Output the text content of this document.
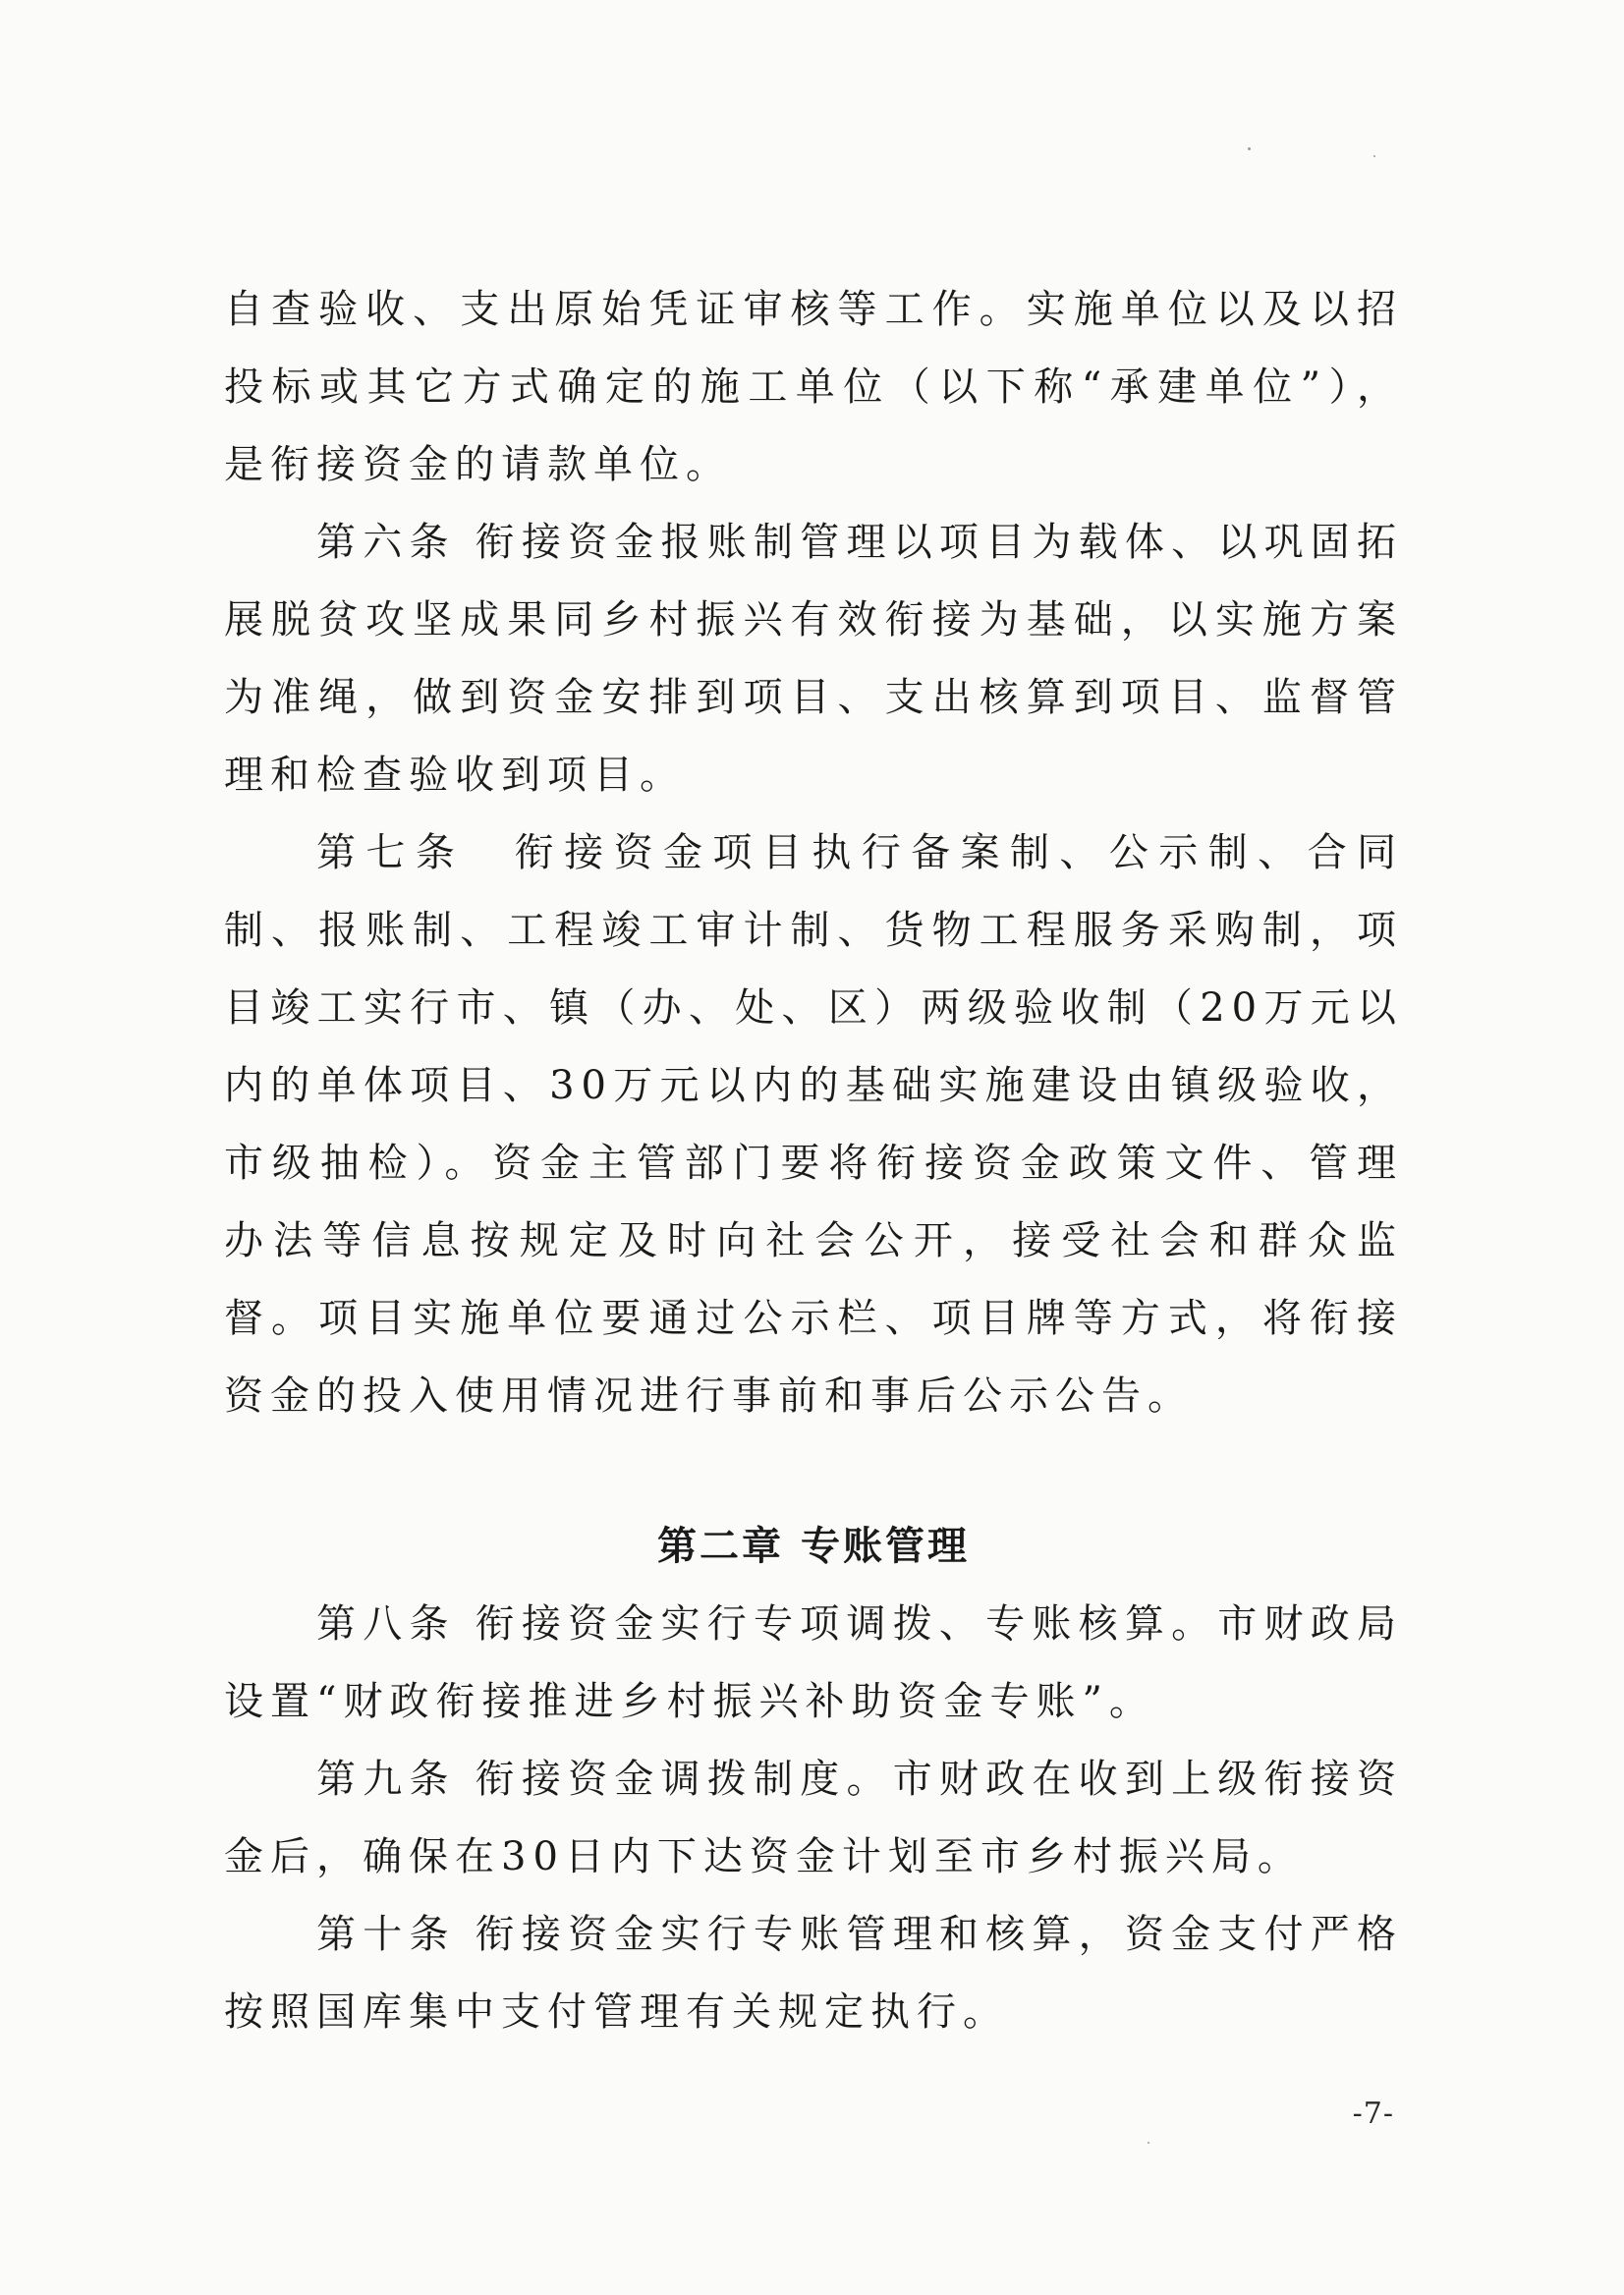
自查验收、支出原始凭证审核等工作。实施单位以及以招投标或其它方式确定的施工单位（以下称“承建单位”），是衔接资金的请款单位。

第六条 衔接资金报账制管理以项目为载体、以巩固拓展脱贫攻坚成果同乡村振兴有效衔接为基础，以实施方案为准绳，做到资金安排到项目、支出核算到项目、监督管理和检查验收到项目。

第七条　衔接资金项目执行备案制、公示制、合同制、报账制、工程竣工审计制、货物工程服务采购制，项目竣工实行市、镇（办、处、区）两级验收制（20万元以内的单体项目、30万元以内的基础实施建设由镇级验收，市级抽检）。资金主管部门要将衔接资金政策文件、管理办法等信息按规定及时向社会公开，接受社会和群众监督。项目实施单位要通过公示栏、项目牌等方式，将衔接资金的投入使用情况进行事前和事后公示公告。

第二章 专账管理

第八条 衔接资金实行专项调拨、专账核算。市财政局设置“财政衔接推进乡村振兴补助资金专账”。

第九条 衔接资金调拨制度。市财政在收到上级衔接资金后，确保在30日内下达资金计划至市乡村振兴局。

第十条 衔接资金实行专账管理和核算，资金支付严格按照国库集中支付管理有关规定执行。

-7-
